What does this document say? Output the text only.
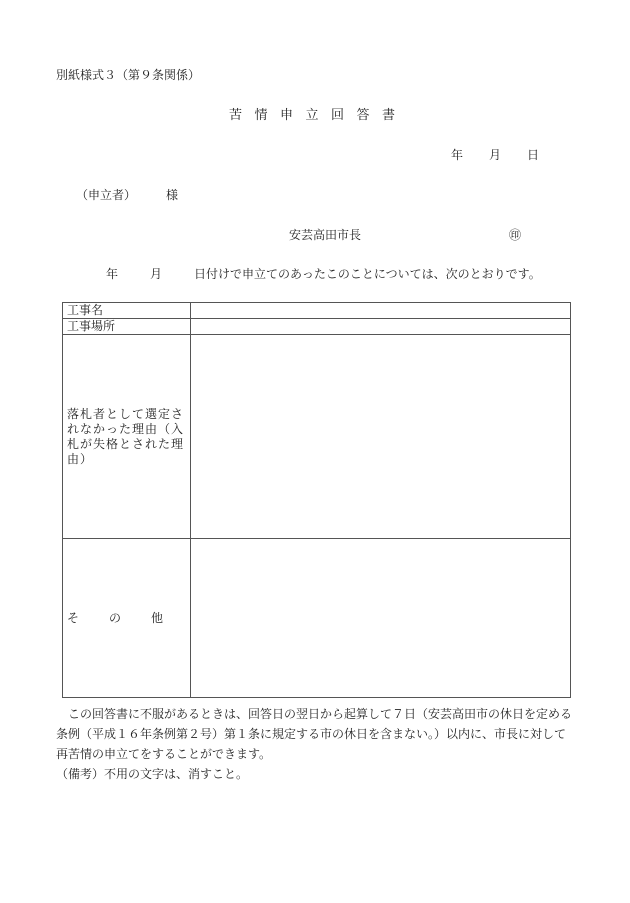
別紙様式３（第９条関係）
苦情申立回答書
年 月 日
（申立者）	様
安芸高田市長	㊞
年	月	日付けで申立てのあったこのことについては、次のとおりです。
工事名	
工事場所	
落札者として選定されなかった理由（入札が失格とされた理由）	
そ の 他	

この回答書に不服があるときは、回答日の翌日から起算して７日（安芸高田市の休日を定める条例（平成１６年条例第２号）第１条に規定する市の休日を含まない。）以内に、市長に対して再苦情の申立てをすることができます。

（備考）不用の文字は、消すこと。
